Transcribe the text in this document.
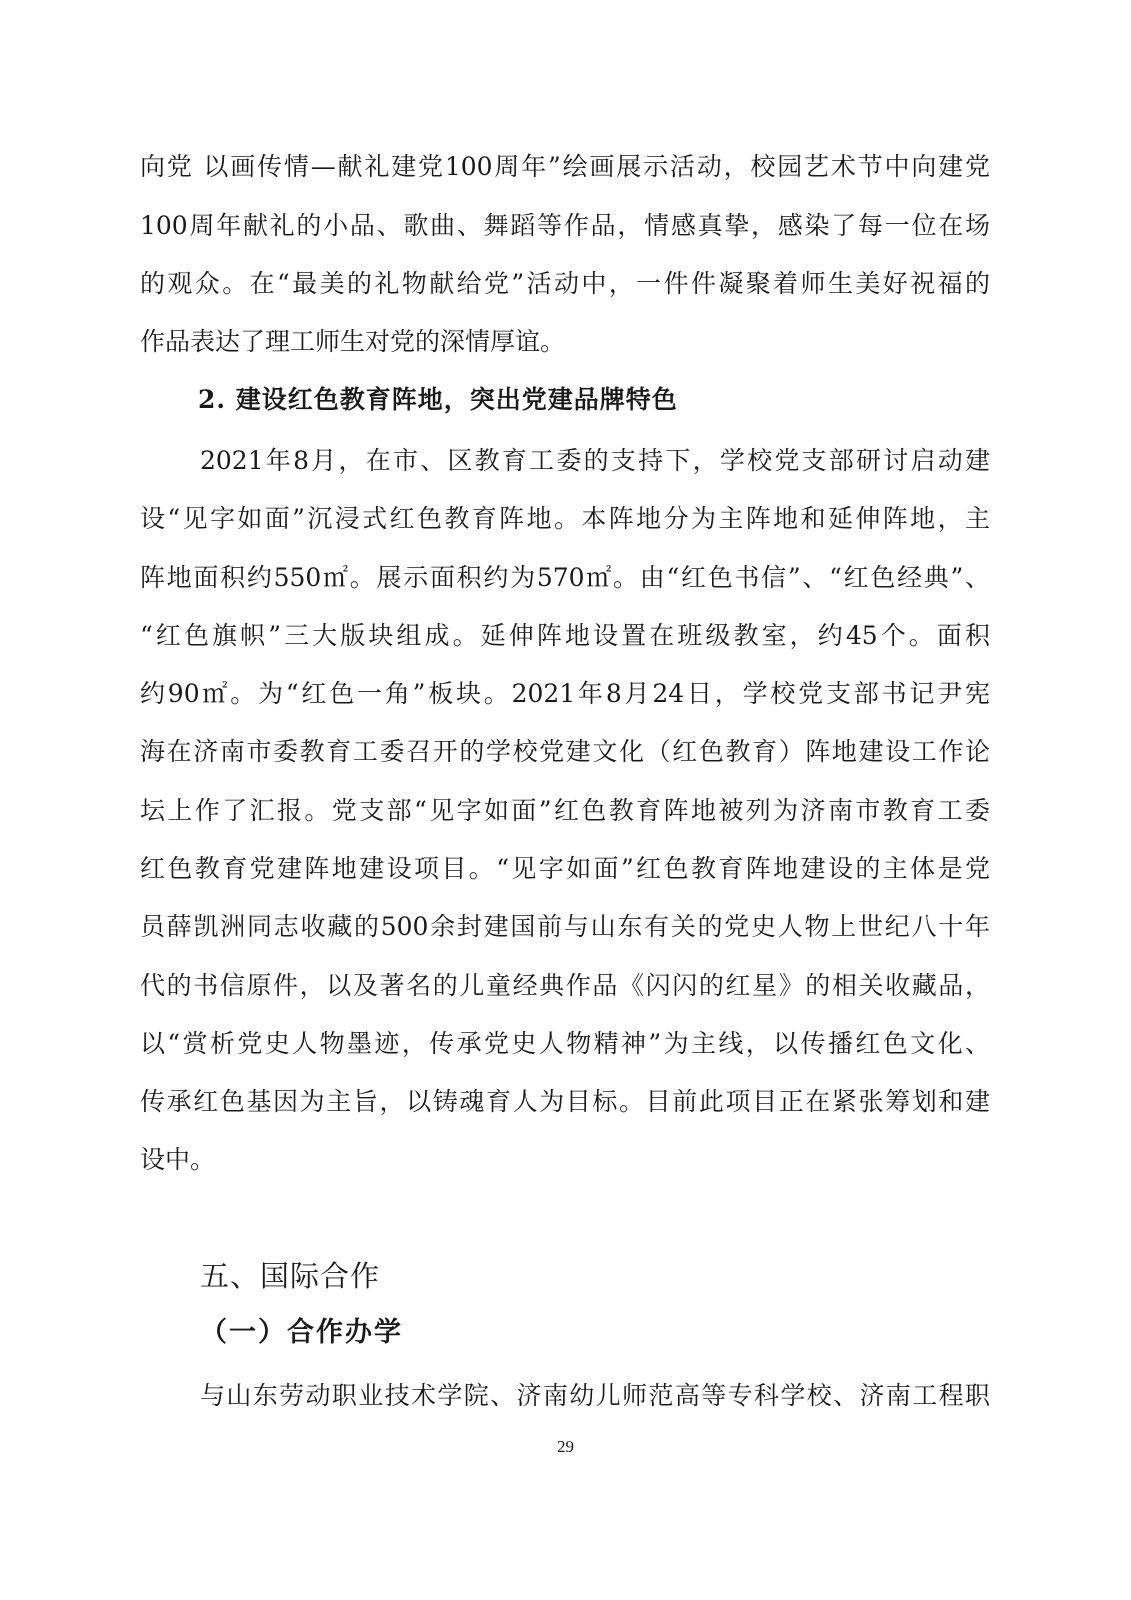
向党 以画传情—献礼建党100周年”绘画展示活动，校园艺术节中向建党
100周年献礼的小品、歌曲、舞蹈等作品，情感真挚，感染了每一位在场
的观众。在“最美的礼物献给党”活动中，一件件凝聚着师生美好祝福的
作品表达了理工师生对党的深情厚谊。
2. 建设红色教育阵地，突出党建品牌特色
2021年8月，在市、区教育工委的支持下，学校党支部研讨启动建
设“见字如面”沉浸式红色教育阵地。本阵地分为主阵地和延伸阵地，主
阵地面积约550㎡。展示面积约为570㎡。由“红色书信”、“红色经典”、
“红色旗帜”三大版块组成。延伸阵地设置在班级教室，约45个。面积
约90㎡。为“红色一角”板块。2021年8月24日，学校党支部书记尹宪
海在济南市委教育工委召开的学校党建文化（红色教育）阵地建设工作论
坛上作了汇报。党支部“见字如面”红色教育阵地被列为济南市教育工委
红色教育党建阵地建设项目。“见字如面”红色教育阵地建设的主体是党
员薛凯洲同志收藏的500余封建国前与山东有关的党史人物上世纪八十年
代的书信原件，以及著名的儿童经典作品《闪闪的红星》的相关收藏品，
以“赏析党史人物墨迹，传承党史人物精神”为主线，以传播红色文化、
传承红色基因为主旨，以铸魂育人为目标。目前此项目正在紧张筹划和建
设中。
五、国际合作
（一）合作办学
与山东劳动职业技术学院、济南幼儿师范高等专科学校、济南工程职
29
